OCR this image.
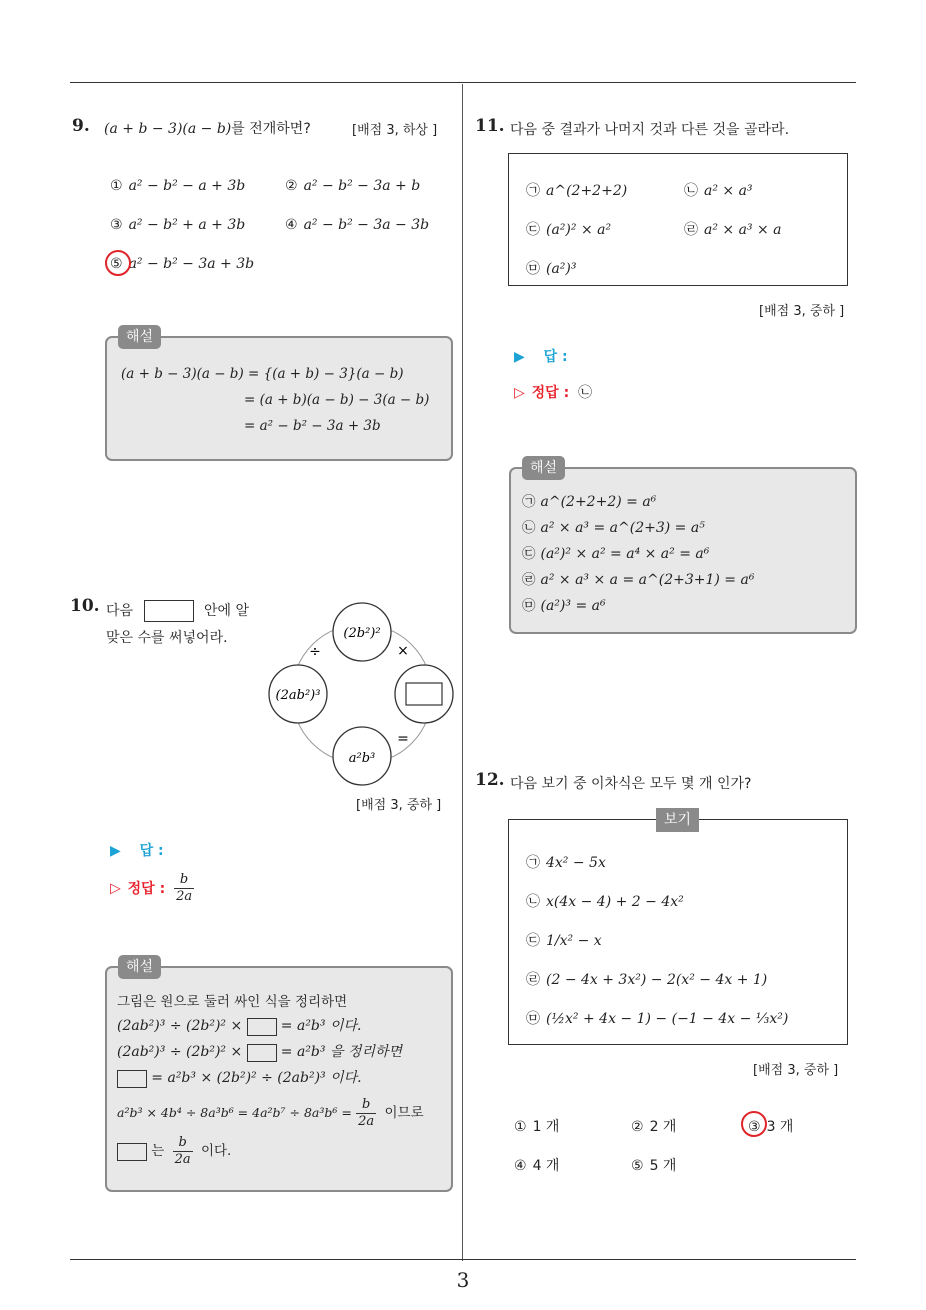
3
9. (a + b − 3)(a − b)를 전개하면?	[배점 3, 하상 ]
① a² − b² − a + 3b	② a² − b² − 3a + b
③ a² − b² + a + 3b	④ a² − b² − 3a − 3b
⑤ a² − b² − 3a + 3b
해설
(a + b − 3)(a − b) = {(a + b) − 3}(a − b)
= (a + b)(a − b) − 3(a − b)
= a² − b² − 3a + 3b
10. 다음	안에 알
맞은 수를 써넣어라.	(2b²)²
(2ab²)³
a²b³
÷	×
=
[배점 3, 중하 ]
▶ 답 :
▷ 정답 : $\frac{b}{2a}$
해설
그림은 원으로 둘러 싸인 식을 정리하면
(2ab²)³ ÷ (2b²)² ×	= a²b³ 이다.
(2ab²)³ ÷ (2b²)² ×	= a²b³ 을 정리하면
= a²b³ × (2b²)² ÷ (2ab²)³ 이다.
$a^2b^3 \times 4b^4 \div 8a^3b^6 = 4a^2b^7 \div 8a^3b^6 = \frac{b}{2a}$ 이므로
는 $\frac{b}{2a}$ 이다.
11. 다음 중 결과가 나머지 것과 다른 것을 골라라.
㉠ a^(2+2+2)	㉡ a² × a³
㉢ (a²)² × a²	㉣ a² × a³ × a
㉤ (a²)³
[배점 3, 중하 ]
▶ 답 :
▷ 정답 : ㉡
해설
㉠ a^(2+2+2) = a⁶
㉡ a² × a³ = a^(2+3) = a⁵
㉢ (a²)² × a² = a⁴ × a² = a⁶
㉣ a² × a³ × a = a^(2+3+1) = a⁶
㉤ (a²)³ = a⁶
12. 다음 보기 중 이차식은 모두 몇 개 인가?
보기
㉠ 4x² − 5x
㉡ x(4x − 4) + 2 − 4x²
㉢ 1/x² − x
㉣ (2 − 4x + 3x²) − 2(x² − 4x + 1)
㉤ (½x² + 4x − 1) − (−1 − 4x − ⅓x²)
[배점 3, 중하 ]
① 1 개	② 2 개	③ 3 개
④ 4 개	⑤ 5 개
